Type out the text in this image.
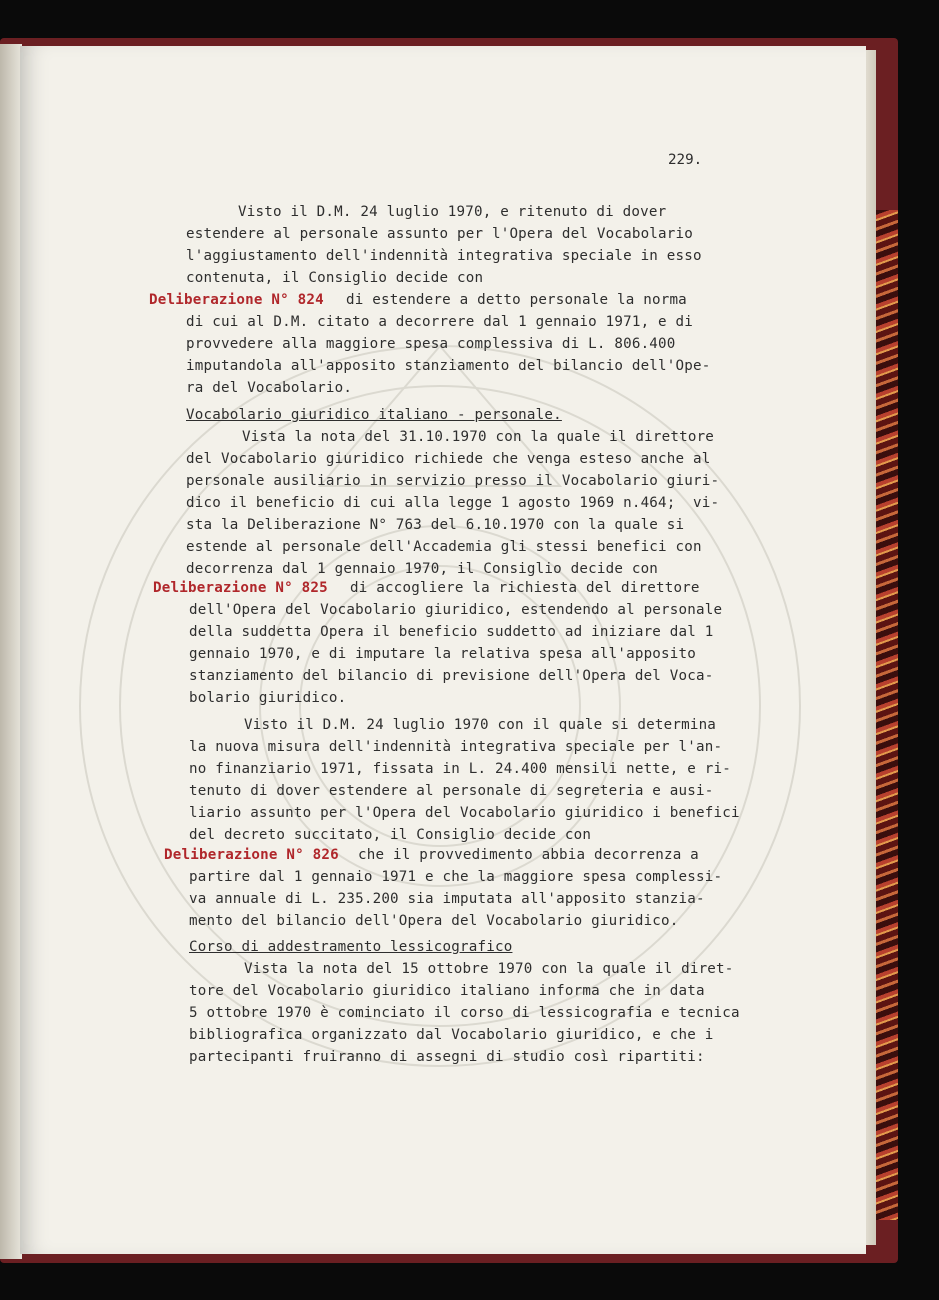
229.
Visto il D.M. 24 luglio 1970, e ritenuto di dover
estendere al personale assunto per l'Opera del Vocabolario
l'aggiustamento dell'indennità integrativa speciale in esso
contenuta, il Consiglio decide con
Deliberazione N° 824 di estendere a detto personale la norma
di cui al D.M. citato a decorrere dal 1 gennaio 1971, e di
provvedere alla maggiore spesa complessiva di L. 806.400
imputandola all'apposito stanziamento del bilancio dell'Ope-
ra del Vocabolario.
Vocabolario giuridico italiano - personale.
Vista la nota del 31.10.1970 con la quale il direttore
del Vocabolario giuridico richiede che venga esteso anche al
personale ausiliario in servizio presso il Vocabolario giuri-
dico il beneficio di cui alla legge 1 agosto 1969 n.464;  vi-
sta la Deliberazione N° 763 del 6.10.1970 con la quale si
estende al personale dell'Accademia gli stessi benefici con
decorrenza dal 1 gennaio 1970, il Consiglio decide con
Deliberazione N° 825 di accogliere la richiesta del direttore
dell'Opera del Vocabolario giuridico, estendendo al personale
della suddetta Opera il beneficio suddetto ad iniziare dal 1
gennaio 1970, e di imputare la relativa spesa all'apposito
stanziamento del bilancio di previsione dell'Opera del Voca-
bolario giuridico.
Visto il D.M. 24 luglio 1970 con il quale si determina
la nuova misura dell'indennità integrativa speciale per l'an-
no finanziario 1971, fissata in L. 24.400 mensili nette, e ri-
tenuto di dover estendere al personale di segreteria e ausi-
liario assunto per l'Opera del Vocabolario giuridico i benefici
del decreto succitato, il Consiglio decide con
Deliberazione N° 826 che il provvedimento abbia decorrenza a
partire dal 1 gennaio 1971 e che la maggiore spesa complessi-
va annuale di L. 235.200 sia imputata all'apposito stanzia-
mento del bilancio dell'Opera del Vocabolario giuridico.
Corso di addestramento lessicografico
Vista la nota del 15 ottobre 1970 con la quale il diret-
tore del Vocabolario giuridico italiano informa che in data
5 ottobre 1970 è cominciato il corso di lessicografia e tecnica
bibliografica organizzato dal Vocabolario giuridico, e che i
partecipanti fruiranno di assegni di studio così ripartiti:
